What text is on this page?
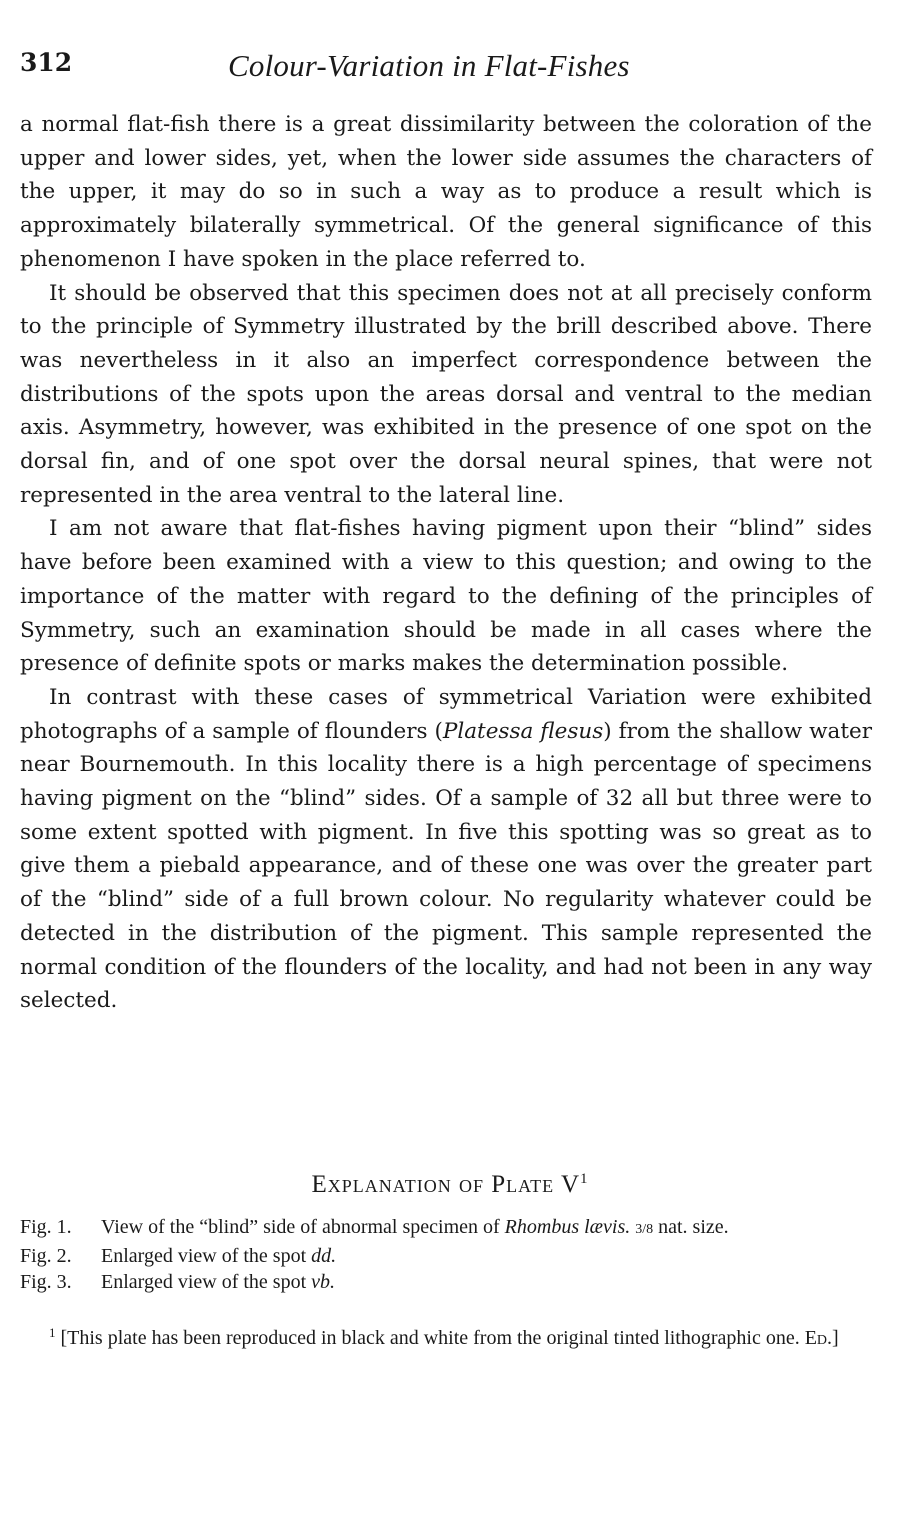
312	Colour-Variation in Flat-Fishes

a normal flat-fish there is a great dissimilarity between the coloration of the upper and lower sides, yet, when the lower side assumes the characters of the upper, it may do so in such a way as to produce a result which is approximately bilaterally symmetrical. Of the general significance of this phenomenon I have spoken in the place referred to.

It should be observed that this specimen does not at all precisely conform to the principle of Symmetry illustrated by the brill described above. There was nevertheless in it also an imperfect correspondence between the distributions of the spots upon the areas dorsal and ventral to the median axis. Asymmetry, however, was exhibited in the presence of one spot on the dorsal fin, and of one spot over the dorsal neural spines, that were not represented in the area ventral to the lateral line.

I am not aware that flat-fishes having pigment upon their “blind” sides have before been examined with a view to this question; and owing to the importance of the matter with regard to the defining of the principles of Symmetry, such an examination should be made in all cases where the presence of definite spots or marks makes the determination possible.

In contrast with these cases of symmetrical Variation were exhibited photographs of a sample of flounders (Platessa flesus) from the shallow water near Bournemouth. In this locality there is a high percentage of specimens having pigment on the “blind” sides. Of a sample of 32 all but three were to some extent spotted with pigment. In five this spotting was so great as to give them a piebald appearance, and of these one was over the greater part of the “blind” side of a full brown colour. No regularity whatever could be detected in the distribution of the pigment. This sample represented the normal condition of the flounders of the locality, and had not been in any way selected.

Explanation of Plate $V^1$
Fig. 1. View of the “blind” side of abnormal specimen of Rhombus lævis. 3/8 nat. size.
Fig. 2. Enlarged view of the spot dd.
Fig. 3. Enlarged view of the spot vb.

$^1$ [This plate has been reproduced in black and white from the original tinted lithographic one. Ed.]
